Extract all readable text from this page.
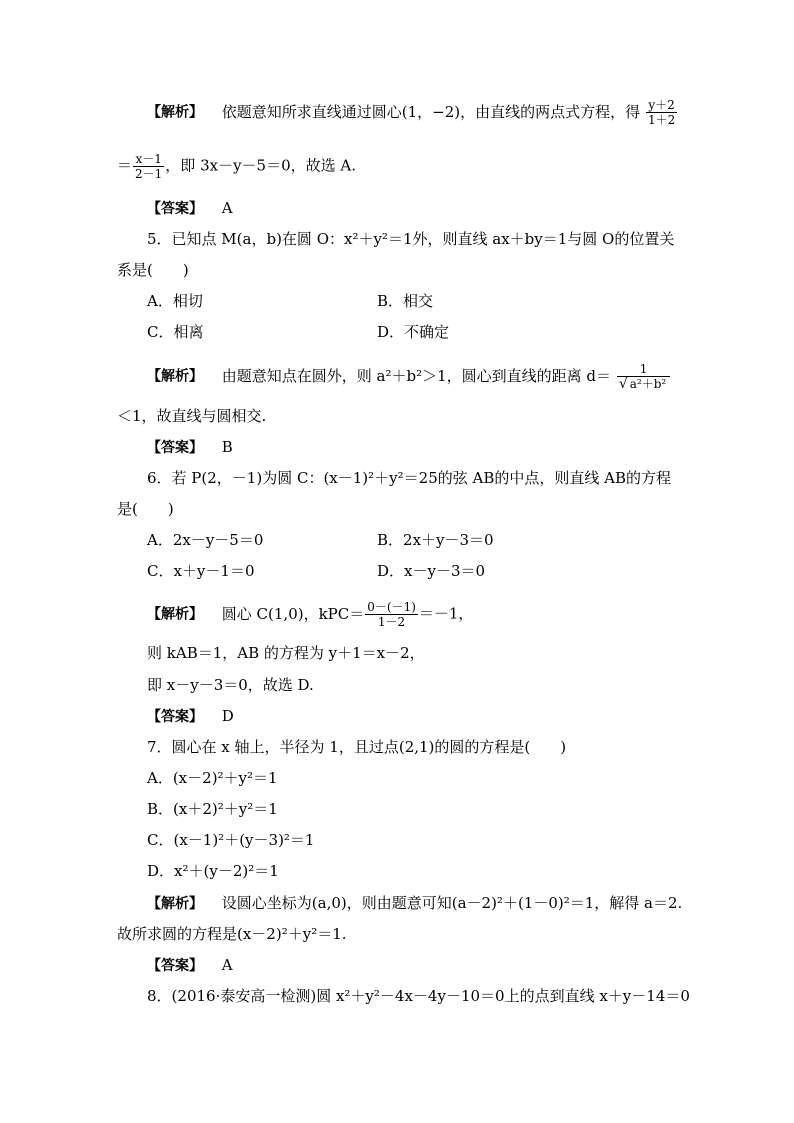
【解析】 依题意知所求直线通过圆心(1，−2)，由直线的两点式方程，得 $\frac{y+2}{1+2}$
＝ $\frac{x-1}{2-1}$ ，即 3x－y－5＝0，故选 A.
【答案】 A
5．已知点 M(a，b)在圆 O：x²＋y²＝1外，则直线 ax＋by＝1与圆 O的位置关
系是(　　)
A．相切	B．相交
C．相离	D．不确定
【解析】 由题意知点在圆外，则 a²＋b²＞1，圆心到直线的距离 $d= \frac{1}{\text{√ a²＋b²}}$
＜1，故直线与圆相交.
【答案】 B
6．若 P(2，－1)为圆 C：(x－1)²＋y²＝25的弦 AB的中点，则直线 AB的方程
是(　　)
A．2x－y－5＝0	B．2x＋y－3＝0
C．x＋y－1＝0	D．x－y－3＝0
【解析】 圆心 C(1,0)，$kPC= \frac{0-(-1)}{1-2} =-1$，
则 kAB＝1，AB 的方程为 y＋1＝x－2，
即 x－y－3＝0，故选 D.
【答案】 D
7．圆心在 x 轴上，半径为 1，且过点(2,1)的圆的方程是(　　)
A．(x－2)²＋y²＝1
B．(x＋2)²＋y²＝1
C．(x－1)²＋(y－3)²＝1
D．x²＋(y－2)²＝1
【解析】 设圆心坐标为(a,0)，则由题意可知(a－2)²＋(1－0)²＝1，解得 a＝2.
故所求圆的方程是(x－2)²＋y²＝1.
【答案】 A
8．(2016·泰安高一检测)圆 x²＋y²－4x－4y－10＝0上的点到直线 x＋y－14＝0
